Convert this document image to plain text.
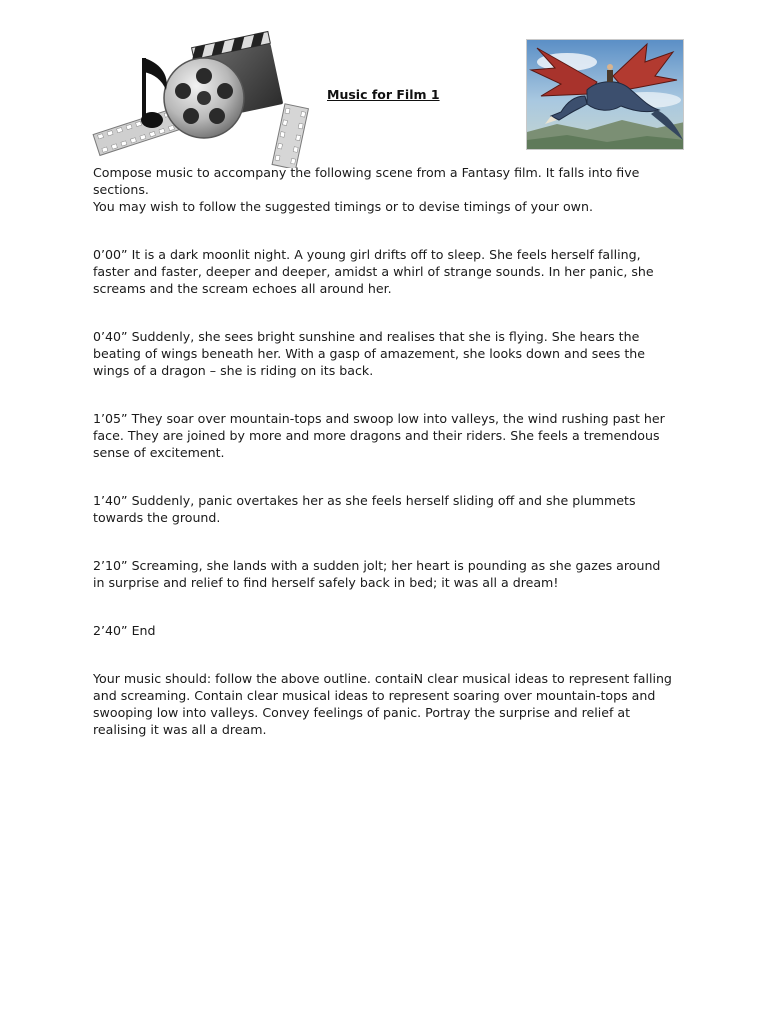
Music for Film 1

Compose music to accompany the following scene from a Fantasy film. It falls into five sections.
You may wish to follow the suggested timings or to devise timings of your own.

0’00” It is a dark moonlit night. A young girl drifts off to sleep. She feels herself falling, faster and faster, deeper and deeper, amidst a whirl of strange sounds. In her panic, she screams and the scream echoes all around her.

0’40” Suddenly, she sees bright sunshine and realises that she is flying. She hears the beating of wings beneath her. With a gasp of amazement, she looks down and sees the wings of a dragon – she is riding on its back.

1’05” They soar over mountain-tops and swoop low into valleys, the wind rushing past her face. They are joined by more and more dragons and their riders. She feels a tremendous sense of excitement.

1’40” Suddenly, panic overtakes her as she feels herself sliding off and she plummets towards the ground.

2’10” Screaming, she lands with a sudden jolt; her heart is pounding as she gazes around in surprise and relief to find herself safely back in bed; it was all a dream!

2’40” End

Your music should: follow the above outline. contaiN clear musical ideas to represent falling and screaming. Contain clear musical ideas to represent soaring over mountain-tops and swooping low into valleys. Convey feelings of panic. Portray the surprise and relief at realising it was all a dream.
